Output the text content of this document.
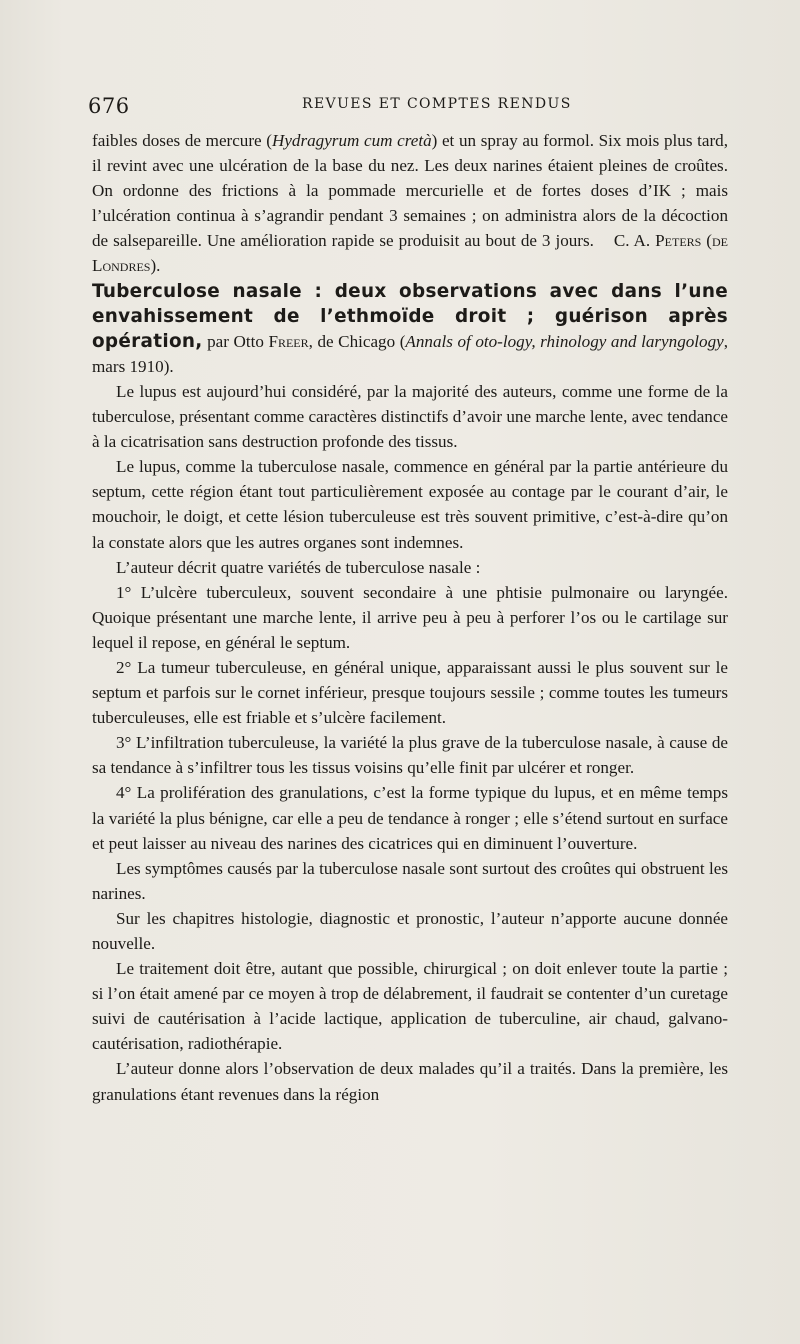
676	REVUES ET COMPTES RENDUS

faibles doses de mercure (Hydragyrum cum cretà) et un spray au formol. Six mois plus tard, il revint avec une ulcération de la base du nez. Les deux narines étaient pleines de croûtes. On ordonne des frictions à la pommade mercurielle et de fortes doses d’IK ; mais l’ulcération continua à s’agrandir pendant 3 semaines ; on administra alors de la décoction de salsepareille. Une amélioration rapide se produisit au bout de 3 jours. C. A. Peters (de Londres).

Tuberculose nasale : deux observations avec dans l’une envahissement de l’ethmoïde droit ; guérison après opération, par Otto Freer, de Chicago (Annals of oto-logy, rhinology and laryngology, mars 1910).

Le lupus est aujourd’hui considéré, par la majorité des auteurs, comme une forme de la tuberculose, présentant comme caractères distinctifs d’avoir une marche lente, avec tendance à la cicatrisation sans destruction profonde des tissus.

Le lupus, comme la tuberculose nasale, commence en général par la partie antérieure du septum, cette région étant tout particulièrement exposée au contage par le courant d’air, le mouchoir, le doigt, et cette lésion tuberculeuse est très souvent primitive, c’est-à-dire qu’on la constate alors que les autres organes sont indemnes.

L’auteur décrit quatre variétés de tuberculose nasale :

1° L’ulcère tuberculeux, souvent secondaire à une phtisie pulmonaire ou laryngée. Quoique présentant une marche lente, il arrive peu à peu à perforer l’os ou le cartilage sur lequel il repose, en général le septum.

2° La tumeur tuberculeuse, en général unique, apparaissant aussi le plus souvent sur le septum et parfois sur le cornet inférieur, presque toujours sessile ; comme toutes les tumeurs tuberculeuses, elle est friable et s’ulcère facilement.

3° L’infiltration tuberculeuse, la variété la plus grave de la tuberculose nasale, à cause de sa tendance à s’infiltrer tous les tissus voisins qu’elle finit par ulcérer et ronger.

4° La prolifération des granulations, c’est la forme typique du lupus, et en même temps la variété la plus bénigne, car elle a peu de tendance à ronger ; elle s’étend surtout en surface et peut laisser au niveau des narines des cicatrices qui en diminuent l’ouverture.

Les symptômes causés par la tuberculose nasale sont surtout des croûtes qui obstruent les narines.

Sur les chapitres histologie, diagnostic et pronostic, l’auteur n’apporte aucune donnée nouvelle.

Le traitement doit être, autant que possible, chirurgical ; on doit enlever toute la partie ; si l’on était amené par ce moyen à trop de délabrement, il faudrait se contenter d’un curetage suivi de cautérisation à l’acide lactique, application de tuberculine, air chaud, galvano-cautérisation, radiothérapie.

L’auteur donne alors l’observation de deux malades qu’il a traités. Dans la première, les granulations étant revenues dans la région
